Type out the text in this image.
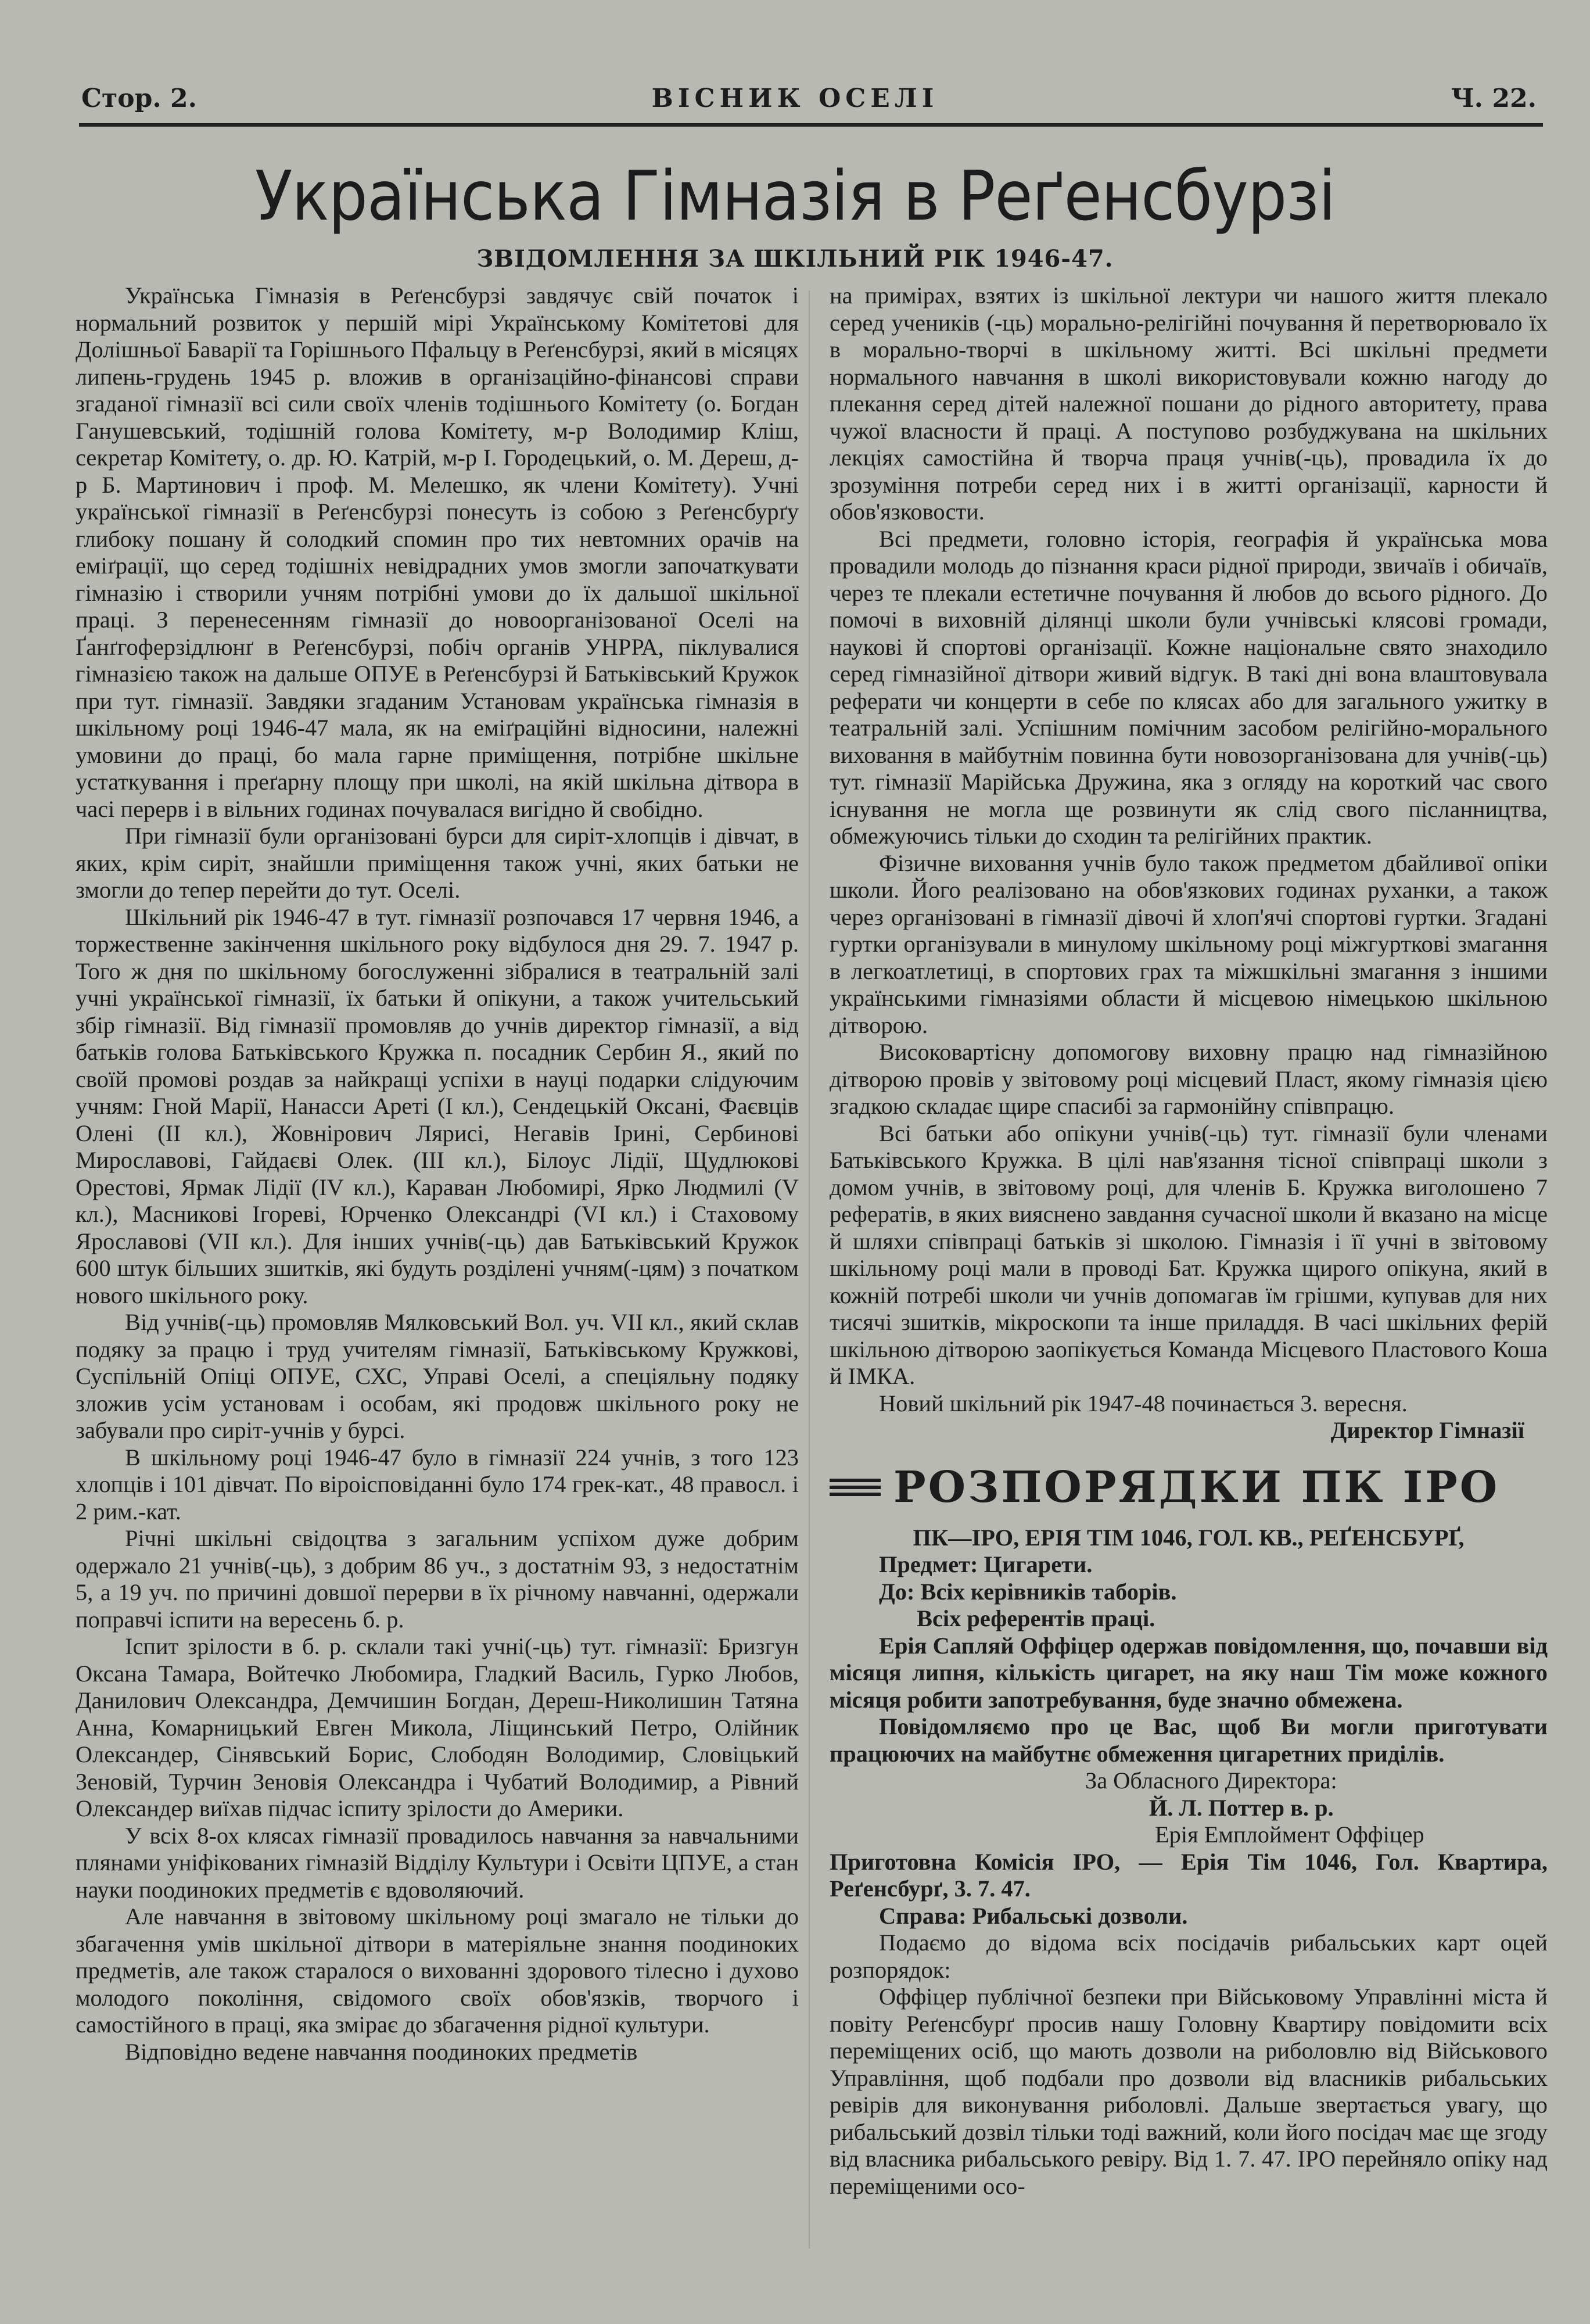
Стор. 2.	ВІСНИК ОСЕЛІ	Ч. 22.
Українська Гімназія в Реґенсбурзі
ЗВІДОМЛЕННЯ ЗА ШКІЛЬНИЙ РІК 1946-47.

Українська Гімназія в Реґенсбурзі завдячує свій початок і нормальний розвиток у першій мірі Українському Комітетові для Долішньої Баварії та Горішнього Пфальцу в Реґенсбурзі, який в місяцях липень-грудень 1945 р. вложив в організаційно-фінансові справи згаданої гімназії всі сили своїх членів тодішнього Комітету (о. Богдан Ганушевський, тодішній голова Комітету, м-р Володимир Кліш, секретар Комітету, о. др. Ю. Катрій, м-р І. Городецький, о. М. Дереш, д-р Б. Мартинович і проф. М. Мелешко, як члени Комітету). Учні української гімназії в Реґенсбурзі понесуть із собою з Реґенсбурґу глибоку пошану й солодкий спомин про тих невтомних орачів на еміґрації, що серед тодішніх невідрадних умов змогли започаткувати гімназію і створили учням потрібні умови до їх дальшої шкільної праці. З перенесенням гімназії до новоорганізованої Оселі на Ґанґгоферзідлюнґ в Реґенсбурзі, побіч органів УНРРА, піклувалися гімназією також на дальше ОПУЕ в Реґенсбурзі й Батьківський Кружок при тут. гімназії. Завдяки згаданим Установам українська гімназія в шкільному році 1946-47 мала, як на еміґраційні відносини, належні умовини до праці, бо мала гарне приміщення, потрібне шкільне устаткування і преґарну площу при школі, на якій шкільна дітвора в часі перерв і в вільних годинах почувалася вигідно й свобідно.

При гімназії були організовані бурси для сиріт-хлопців і дівчат, в яких, крім сиріт, знайшли приміщення також учні, яких батьки не змогли до тепер перейти до тут. Оселі.

Шкільний рік 1946-47 в тут. гімназії розпочався 17 червня 1946, а торжественне закінчення шкільного року відбулося дня 29. 7. 1947 р. Того ж дня по шкільному богослуженні зібралися в театральній залі учні української гімназії, їх батьки й опікуни, а також учительський збір гімназії. Від гімназії промовляв до учнів директор гімназії, а від батьків голова Батьківського Кружка п. посадник Сербин Я., який по своїй промові роздав за найкращі успіхи в науці подарки слідуючим учням: Гной Марії, Нанасси Ареті (І кл.), Сендецькій Оксані, Фаєвців Олені (II кл.), Жовнірович Лярисі, Негавів Ірині, Сербиновi Мирославові, Гайдаєві Олек. (ІІІ кл.), Білоус Лідії, Щудлюкові Орестові, Ярмак Лідії (IV кл.), Караван Любомирі, Ярко Людмилі (V кл.), Масникові Ігореві, Юрченко Олександрі (VI кл.) і Стаховому Ярославові (VII кл.). Для інших учнів(-ць) дав Батьківський Кружок 600 штук більших зшитків, які будуть розділені учням(-цям) з початком нового шкільного року.

Від учнів(-ць) промовляв Мялковський Вол. уч. VII кл., який склав подяку за працю і труд учителям гімназії, Батьківському Кружкові, Суспільній Опіці ОПУЕ, СХС, Управі Оселі, а спеціяльну подяку зложив усім установам і особам, які продовж шкільного року не забували про сиріт-учнів у бурсі.

В шкільному році 1946-47 було в гімназії 224 учнів, з того 123 хлопців і 101 дівчат. По віроісповіданні було 174 грек-кат., 48 правосл. і 2 рим.-кат.

Річні шкільні свідоцтва з загальним успіхом дуже добрим одержало 21 учнів(-ць), з добрим 86 уч., з достатнім 93, з недостатнім 5, а 19 уч. по причині довшої перерви в їх річному навчанні, одержали поправчі іспити на вересень б. р.

Іспит зрілости в б. р. склали такі учні(-ць) тут. гімназії: Бризгун Оксана Тамара, Войтечко Любомира, Гладкий Василь, Гурко Любов, Данилович Олександра, Демчишин Богдан, Дереш-Николишин Татяна Анна, Комарницький Евген Микола, Ліщинський Петро, Олійник Олександер, Сінявський Борис, Слободян Володимир, Словіцький Зеновій, Турчин Зеновія Олександра і Чубатий Володимир, а Рівний Олександер виїхав підчас іспиту зрілости до Америки.

У всіх 8-ох клясах гімназії провадилось навчання за навчальними плянами уніфікованих гімназій Відділу Культури і Освіти ЦПУЕ, а стан науки поодиноких предметів є вдоволяючий.

Але навчання в звітовому шкільному році змагало не тільки до збагачення умів шкільної дітвори в матеріяльне знання поодиноких предметів, але також старалося о вихованні здорового тілесно і духово молодого покоління, свідомого своїх обов'язків, творчого і самостійного в праці, яка змірає до збагачення рідної культури.

Відповідно ведене навчання поодиноких предметів

на примірах, взятих із шкільної лектури чи нашого життя плекало серед учеників (-ць) морально-релігійні почування й перетворювало їх в морально-творчі в шкільному житті. Всі шкільні предмети нормального навчання в школі використовували кожню нагоду до плекання серед дітей належної пошани до рідного авторитету, права чужої власности й праці. А поступово розбуджувана на шкільних лекціях самостійна й творча праця учнів(-ць), провадила їх до зрозуміння потреби серед них і в житті організації, карности й обов'язковости.

Всі предмети, головно історія, географія й українська мова провадили молодь до пізнання краси рідної природи, звичаїв і обичаїв, через те плекали естетичне почування й любов до всього рідного. До помочі в виховній ділянці школи були учнівські клясові громади, наукові й спортові організації. Кожне національне свято знаходило серед гімназійної дітвори живий відгук. В такі дні вона влаштовувала реферати чи концерти в себе по клясах або для загального ужитку в театральній залі. Успішним помічним засобом релігійно-морального виховання в майбутнім повинна бути новозорганізована для учнів(-ць) тут. гімназії Марійська Дружина, яка з огляду на короткий час свого існування не могла ще розвинути як слід свого післанництва, обмежуючись тільки до сходин та релігійних практик.

Фізичне виховання учнів було також предметом дбайливої опіки школи. Його реалізовано на обов'язкових годинах руханки, а також через організовані в гімназії дівочі й хлоп'ячі спортові гуртки. Згадані гуртки організували в минулому шкільному році міжгурткові змагання в легкоатлетиці, в спортових грах та міжшкільні змагання з іншими українськими гімназіями области й місцевою німецькою шкільною дітворою.

Високовартісну допомогову виховну працю над гімназійною дітворою провів у звітовому році місцевий Пласт, якому гімназія цією згадкою складає щире спасибі за гармонійну співпрацю.

Всі батьки або опікуни учнів(-ць) тут. гімназії були членами Батьківського Кружка. В цілі нав'язання тісної співпраці школи з домом учнів, в звітовому році, для членів Б. Кружка виголошено 7 рефератів, в яких вияснено завдання сучасної школи й вказано на місце й шляхи співпраці батьків зі школою. Гімназія і її учні в звітовому шкільному році мали в проводі Бат. Кружка щирого опікуна, який в кожній потребі школи чи учнів допомагав їм грішми, купував для них тисячі зшитків, мікроскопи та інше приладдя. В часі шкільних ферій шкільною дітворою заопікується Команда Місцевого Пластового Коша й ІМКА.

Новий шкільний рік 1947-48 починається 3. вересня.

Директор Гімназії

РОЗПОРЯДКИ ПК ІРО

ПК—ІРО, ЕРІЯ ТІМ 1046, ГОЛ. КВ., РЕҐЕНСБУРҐ,

Предмет: Цигарети.

До: Всіх керівників таборів.

Всіх референтів праці.

Ерія Сапляй Оффіцер одержав повідомлення, що, почавши від місяця липня, кількість цигарет, на яку наш Тім може кожного місяця робити запотребування, буде значно обмежена.

Повідомляємо про це Вас, щоб Ви могли приготувати працюючих на майбутнє обмеження цигаретних приділів.

За Обласного Директора:

Й. Л. Поттер в. р.

Ерія Емплоймент Оффіцер

Приготовна Комісія ІРО, — Ерія Тім 1046, Гол. Квартира, Реґенсбурґ, 3. 7. 47.

Справа: Рибальські дозволи.

Подаємо до відома всіх посідачів рибальських карт оцей розпорядок:

Оффіцер публічної безпеки при Військовому Управлінні міста й повіту Реґенсбурґ просив нашу Головну Квартиру повідомити всіх переміщених осіб, що мають дозволи на риболовлю від Військового Управління, щоб подбали про дозволи від власників рибальських ревірів для виконування риболовлі. Дальше звертається увагу, що рибальський дозвіл тільки тоді важний, коли його посідач має ще згоду від власника рибальського ревіру. Від 1. 7. 47. ІРО перейняло опіку над переміщеними осо-
